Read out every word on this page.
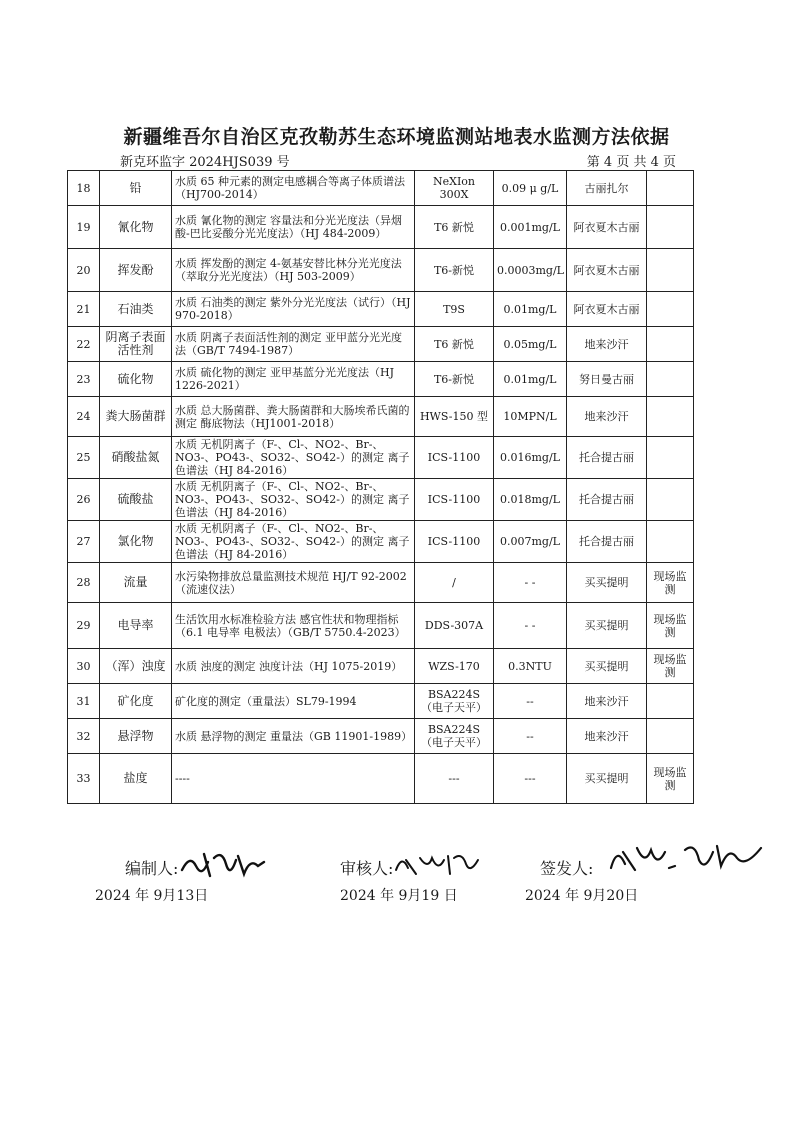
新疆维吾尔自治区克孜勒苏生态环境监测站地表水监测方法依据
新克环监字 2024HJS039 号	第 4 页 共 4 页
18	铅	水质 65 种元素的测定电感耦合等离子体质谱法（HJ700-2014）	NeXIon 300X	0.09 μ g/L	古丽扎尔	
19	氰化物	水质 氰化物的测定 容量法和分光光度法（异烟酸-巴比妥酸分光光度法）（HJ 484-2009）	T6 新悦	0.001mg/L	阿衣夏木古丽	
20	挥发酚	水质 挥发酚的测定 4-氨基安替比林分光光度法（萃取分光光度法）（HJ 503-2009）	T6-新悦	0.0003mg/L	阿衣夏木古丽	
21	石油类	水质 石油类的测定 紫外分光光度法（试行）（HJ 970-2018）	T9S	0.01mg/L	阿衣夏木古丽	
22	阴离子表面活性剂	水质 阴离子表面活性剂的测定 亚甲蓝分光光度法（GB/T 7494-1987）	T6 新悦	0.05mg/L	地来沙汗	
23	硫化物	水质 硫化物的测定 亚甲基蓝分光光度法（HJ 1226-2021）	T6-新悦	0.01mg/L	努日曼古丽	
24	粪大肠菌群	水质 总大肠菌群、粪大肠菌群和大肠埃希氏菌的测定 酶底物法（HJ1001-2018）	HWS-150 型	10MPN/L	地来沙汗	
25	硝酸盐氮	水质 无机阴离子（F-、Cl-、NO2-、Br-、NO3-、PO43-、SO32-、SO42-）的测定 离子色谱法（HJ 84-2016）	ICS-1100	0.016mg/L	托合提古丽	
26	硫酸盐	水质 无机阴离子（F-、Cl-、NO2-、Br-、NO3-、PO43-、SO32-、SO42-）的测定 离子色谱法（HJ 84-2016）	ICS-1100	0.018mg/L	托合提古丽	
27	氯化物	水质 无机阴离子（F-、Cl-、NO2-、Br-、NO3-、PO43-、SO32-、SO42-）的测定 离子色谱法（HJ 84-2016）	ICS-1100	0.007mg/L	托合提古丽	
28	流量	水污染物排放总量监测技术规范 HJ/T 92-2002（流速仪法）	/	- -	买买提明	现场监测
29	电导率	生活饮用水标准检验方法 感官性状和物理指标（6.1 电导率 电极法）（GB/T 5750.4-2023）	DDS-307A	- -	买买提明	现场监测
30	（浑）浊度	水质 浊度的测定 浊度计法（HJ 1075-2019）	WZS-170	0.3NTU	买买提明	现场监测
31	矿化度	矿化度的测定（重量法）SL79-1994	BSA224S（电子天平）	--	地来沙汗	
32	悬浮物	水质 悬浮物的测定 重量法（GB 11901-1989）	BSA224S（电子天平）	--	地来沙汗	
33	盐度	----	---	---	买买提明	现场监测
编制人:	审核人:	签发人:
2024 年 9月13日	2024 年 9月19 日	2024 年 9月20日
